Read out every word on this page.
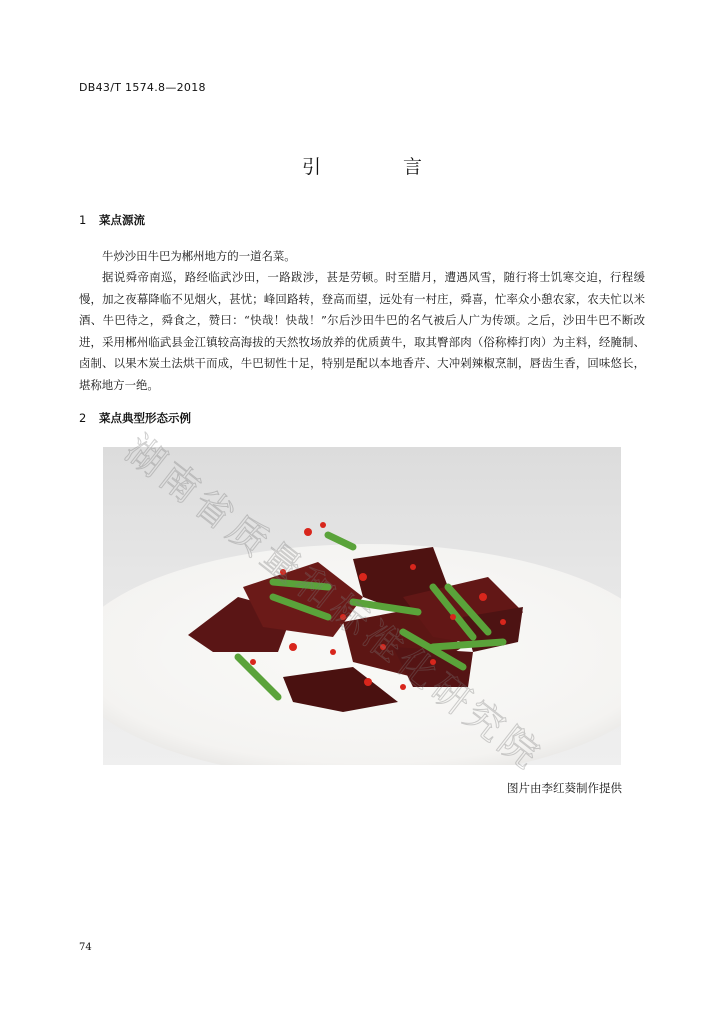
DB43/T 1574.8—2018
引 言
1 菜点源流
牛炒沙田牛巴为郴州地方的一道名菜。
据说舜帝南巡，路经临武沙田，一路跋涉，甚是劳顿。时至腊月，遭遇风雪，随行将士饥寒交迫，行程缓慢，加之夜幕降临不见烟火，甚忧；峰回路转，登高而望，远处有一村庄，舜喜，忙率众小憩农家，农夫忙以米酒、牛巴待之，舜食之，赞曰：“快哉！快哉！”尔后沙田牛巴的名气被后人广为传颂。之后，沙田牛巴不断改进，采用郴州临武县金江镇较高海拔的天然牧场放养的优质黄牛，取其臀部肉（俗称棒打肉）为主料，经腌制、卤制、以果木炭土法烘干而成，牛巴韧性十足，特别是配以本地香芹、大冲剁辣椒烹制，唇齿生香，回味悠长，堪称地方一绝。
2 菜点典型形态示例
图片由李红葵制作提供
74
